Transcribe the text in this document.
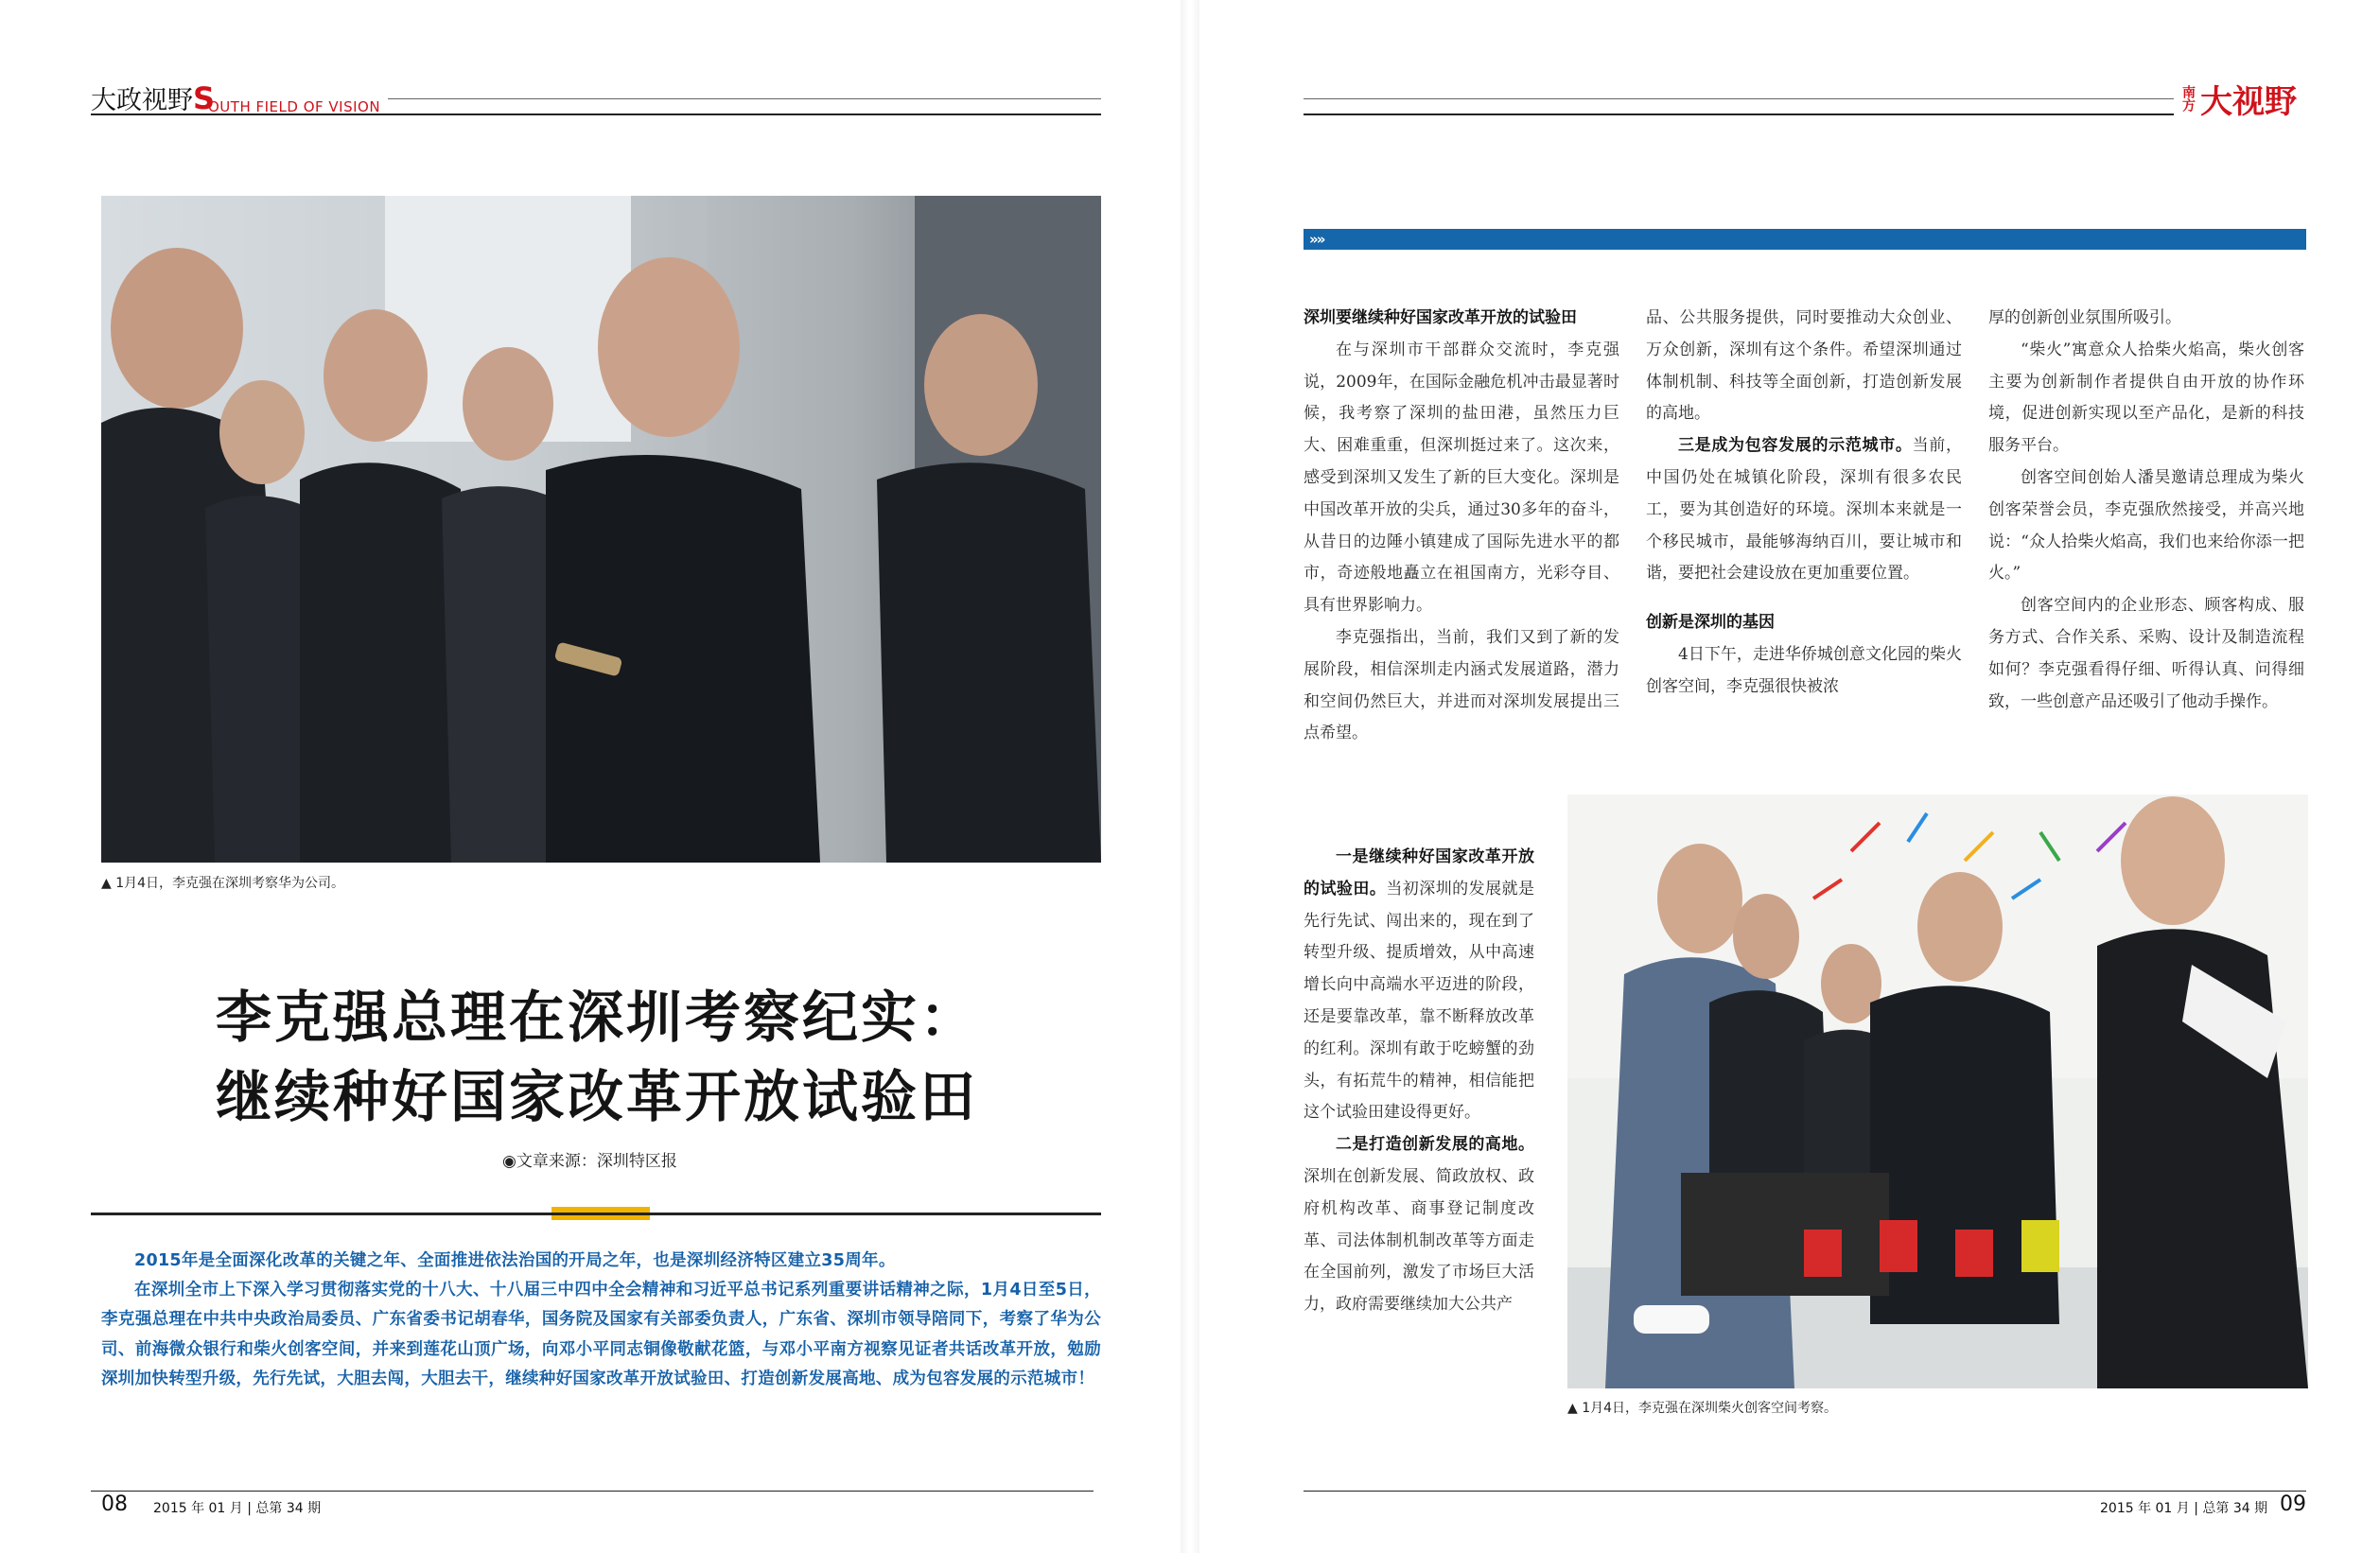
大政视野S
OUTH FIELD OF VISION
▲ 1月4日，李克强在深圳考察华为公司。
李克强总理在深圳考察纪实：
继续种好国家改革开放试验田
◉文章来源：深圳特区报

2015年是全面深化改革的关键之年、全面推进依法治国的开局之年，也是深圳经济特区建立35周年。

在深圳全市上下深入学习贯彻落实党的十八大、十八届三中四中全会精神和习近平总书记系列重要讲话精神之际，1月4日至5日，李克强总理在中共中央政治局委员、广东省委书记胡春华，国务院及国家有关部委负责人，广东省、深圳市领导陪同下，考察了华为公司、前海微众银行和柴火创客空间，并来到莲花山顶广场，向邓小平同志铜像敬献花篮，与邓小平南方视察见证者共话改革开放，勉励深圳加快转型升级，先行先试，大胆去闯，大胆去干，继续种好国家改革开放试验田、打造创新发展高地、成为包容发展的示范城市！

08 2015 年 01 月 | 总第 34 期
南方 大视野
»»

深圳要继续种好国家改革开放的试验田

在与深圳市干部群众交流时，李克强说，2009年，在国际金融危机冲击最显著时候，我考察了深圳的盐田港，虽然压力巨大、困难重重，但深圳挺过来了。这次来，感受到深圳又发生了新的巨大变化。深圳是中国改革开放的尖兵，通过30多年的奋斗，从昔日的边陲小镇建成了国际先进水平的都市，奇迹般地矗立在祖国南方，光彩夺目、具有世界影响力。

李克强指出，当前，我们又到了新的发展阶段，相信深圳走内涵式发展道路，潜力和空间仍然巨大，并进而对深圳发展提出三点希望。

一是继续种好国家改革开放的试验田。当初深圳的发展就是先行先试、闯出来的，现在到了转型升级、提质增效，从中高速增长向中高端水平迈进的阶段，还是要靠改革，靠不断释放改革的红利。深圳有敢于吃螃蟹的劲头，有拓荒牛的精神，相信能把这个试验田建设得更好。

二是打造创新发展的高地。深圳在创新发展、简政放权、政府机构改革、商事登记制度改革、司法体制机制改革等方面走在全国前列，激发了市场巨大活力，政府需要继续加大公共产

品、公共服务提供，同时要推动大众创业、万众创新，深圳有这个条件。希望深圳通过体制机制、科技等全面创新，打造创新发展的高地。

三是成为包容发展的示范城市。当前，中国仍处在城镇化阶段，深圳有很多农民工，要为其创造好的环境。深圳本来就是一个移民城市，最能够海纳百川，要让城市和谐，要把社会建设放在更加重要位置。

创新是深圳的基因

4日下午，走进华侨城创意文化园的柴火创客空间，李克强很快被浓

厚的创新创业氛围所吸引。

“柴火”寓意众人拾柴火焰高，柴火创客主要为创新制作者提供自由开放的协作环境，促进创新实现以至产品化，是新的科技服务平台。

创客空间创始人潘昊邀请总理成为柴火创客荣誉会员，李克强欣然接受，并高兴地说：“众人拾柴火焰高，我们也来给你添一把火。”

创客空间内的企业形态、顾客构成、服务方式、合作关系、采购、设计及制造流程如何？李克强看得仔细、听得认真、问得细致，一些创意产品还吸引了他动手操作。

▲ 1月4日，李克强在深圳柴火创客空间考察。
2015 年 01 月 | 总第 34 期 09
